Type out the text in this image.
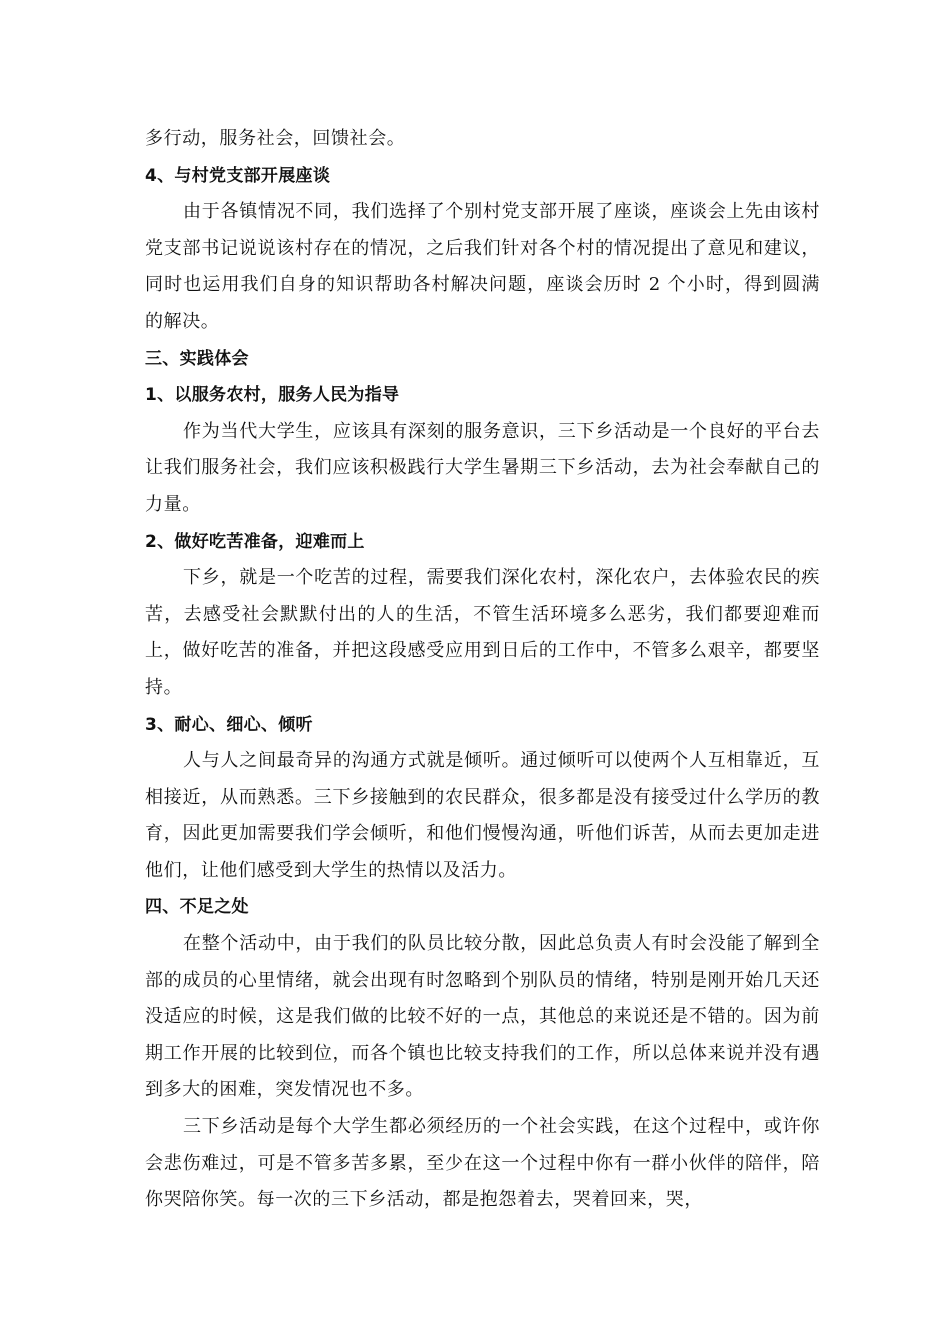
多行动，服务社会，回馈社会。

4、与村党支部开展座谈

由于各镇情况不同，我们选择了个别村党支部开展了座谈，座谈会上先由该村党支部书记说说该村存在的情况，之后我们针对各个村的情况提出了意见和建议，同时也运用我们自身的知识帮助各村解决问题，座谈会历时 2 个小时，得到圆满的解决。

三、实践体会

1、以服务农村，服务人民为指导

作为当代大学生，应该具有深刻的服务意识，三下乡活动是一个良好的平台去让我们服务社会，我们应该积极践行大学生暑期三下乡活动，去为社会奉献自己的力量。

2、做好吃苦准备，迎难而上

下乡，就是一个吃苦的过程，需要我们深化农村，深化农户，去体验农民的疾苦，去感受社会默默付出的人的生活，不管生活环境多么恶劣，我们都要迎难而上，做好吃苦的准备，并把这段感受应用到日后的工作中，不管多么艰辛，都要坚持。

3、耐心、细心、倾听

人与人之间最奇异的沟通方式就是倾听。通过倾听可以使两个人互相靠近，互相接近，从而熟悉。三下乡接触到的农民群众，很多都是没有接受过什么学历的教育，因此更加需要我们学会倾听，和他们慢慢沟通，听他们诉苦，从而去更加走进他们，让他们感受到大学生的热情以及活力。

四、不足之处

在整个活动中，由于我们的队员比较分散，因此总负责人有时会没能了解到全部的成员的心里情绪，就会出现有时忽略到个别队员的情绪，特别是刚开始几天还没适应的时候，这是我们做的比较不好的一点，其他总的来说还是不错的。因为前期工作开展的比较到位，而各个镇也比较支持我们的工作，所以总体来说并没有遇到多大的困难，突发情况也不多。

三下乡活动是每个大学生都必须经历的一个社会实践，在这个过程中，或许你会悲伤难过，可是不管多苦多累，至少在这一个过程中你有一群小伙伴的陪伴，陪你哭陪你笑。每一次的三下乡活动，都是抱怨着去，哭着回来，哭，
